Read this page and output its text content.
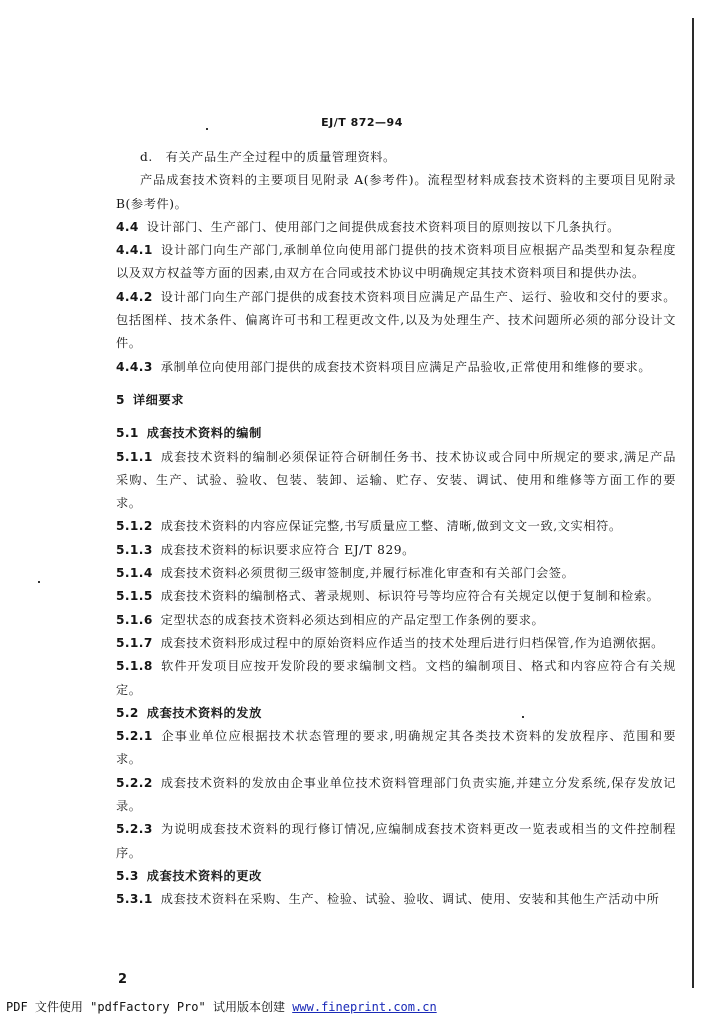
EJ/T 872—94

d.　有关产品生产全过程中的质量管理资料。

产品成套技术资料的主要项目见附录 A(参考件)。流程型材料成套技术资料的主要项目见附录 B(参考件)。

4.4 设计部门、生产部门、使用部门之间提供成套技术资料项目的原则按以下几条执行。

4.4.1 设计部门向生产部门,承制单位向使用部门提供的技术资料项目应根据产品类型和复杂程度以及双方权益等方面的因素,由双方在合同或技术协议中明确规定其技术资料项目和提供办法。

4.4.2 设计部门向生产部门提供的成套技术资料项目应满足产品生产、运行、验收和交付的要求。包括图样、技术条件、偏离许可书和工程更改文件,以及为处理生产、技术问题所必须的部分设计文件。

4.4.3 承制单位向使用部门提供的成套技术资料项目应满足产品验收,正常使用和维修的要求。

5 详细要求

5.1 成套技术资料的编制

5.1.1 成套技术资料的编制必须保证符合研制任务书、技术协议或合同中所规定的要求,满足产品采购、生产、试验、验收、包装、装卸、运输、贮存、安装、调试、使用和维修等方面工作的要求。

5.1.2 成套技术资料的内容应保证完整,书写质量应工整、清晰,做到文文一致,文实相符。

5.1.3 成套技术资料的标识要求应符合 EJ/T 829。

5.1.4 成套技术资料必须贯彻三级审签制度,并履行标准化审查和有关部门会签。

5.1.5 成套技术资料的编制格式、著录规则、标识符号等均应符合有关规定以便于复制和检索。

5.1.6 定型状态的成套技术资料必须达到相应的产品定型工作条例的要求。

5.1.7 成套技术资料形成过程中的原始资料应作适当的技术处理后进行归档保管,作为追溯依据。

5.1.8 软件开发项目应按开发阶段的要求编制文档。文档的编制项目、格式和内容应符合有关规定。

5.2 成套技术资料的发放

5.2.1 企事业单位应根据技术状态管理的要求,明确规定其各类技术资料的发放程序、范围和要求。

5.2.2 成套技术资料的发放由企事业单位技术资料管理部门负责实施,并建立分发系统,保存发放记录。

5.2.3 为说明成套技术资料的现行修订情况,应编制成套技术资料更改一览表或相当的文件控制程序。

5.3 成套技术资料的更改

5.3.1 成套技术资料在采购、生产、检验、试验、验收、调试、使用、安装和其他生产活动中所

2
PDF 文件使用 "pdfFactory Pro" 试用版本创建 www.fineprint.com.cn
